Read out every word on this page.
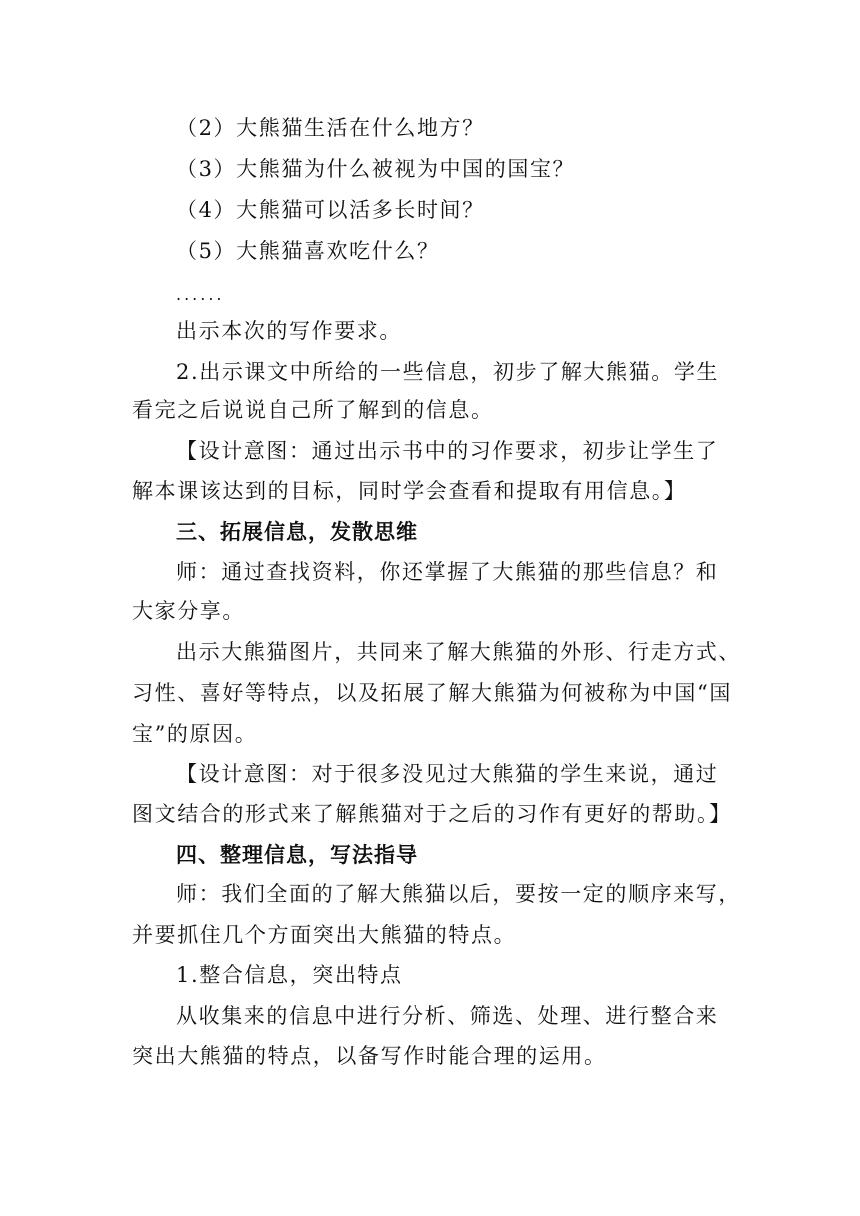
（2）大熊猫生活在什么地方？
（3）大熊猫为什么被视为中国的国宝？
（4）大熊猫可以活多长时间？
（5）大熊猫喜欢吃什么？
......
出示本次的写作要求。
2.出示课文中所给的一些信息，初步了解大熊猫。学生
看完之后说说自己所了解到的信息。
【设计意图：通过出示书中的习作要求，初步让学生了
解本课该达到的目标，同时学会查看和提取有用信息。】
三、拓展信息，发散思维
师：通过查找资料，你还掌握了大熊猫的那些信息？和
大家分享。
出示大熊猫图片，共同来了解大熊猫的外形、行走方式、
习性、喜好等特点，以及拓展了解大熊猫为何被称为中国“国
宝”的原因。
【设计意图：对于很多没见过大熊猫的学生来说，通过
图文结合的形式来了解熊猫对于之后的习作有更好的帮助。】
四、整理信息，写法指导
师：我们全面的了解大熊猫以后，要按一定的顺序来写，
并要抓住几个方面突出大熊猫的特点。
1.整合信息，突出特点
从收集来的信息中进行分析、筛选、处理、进行整合来
突出大熊猫的特点，以备写作时能合理的运用。
